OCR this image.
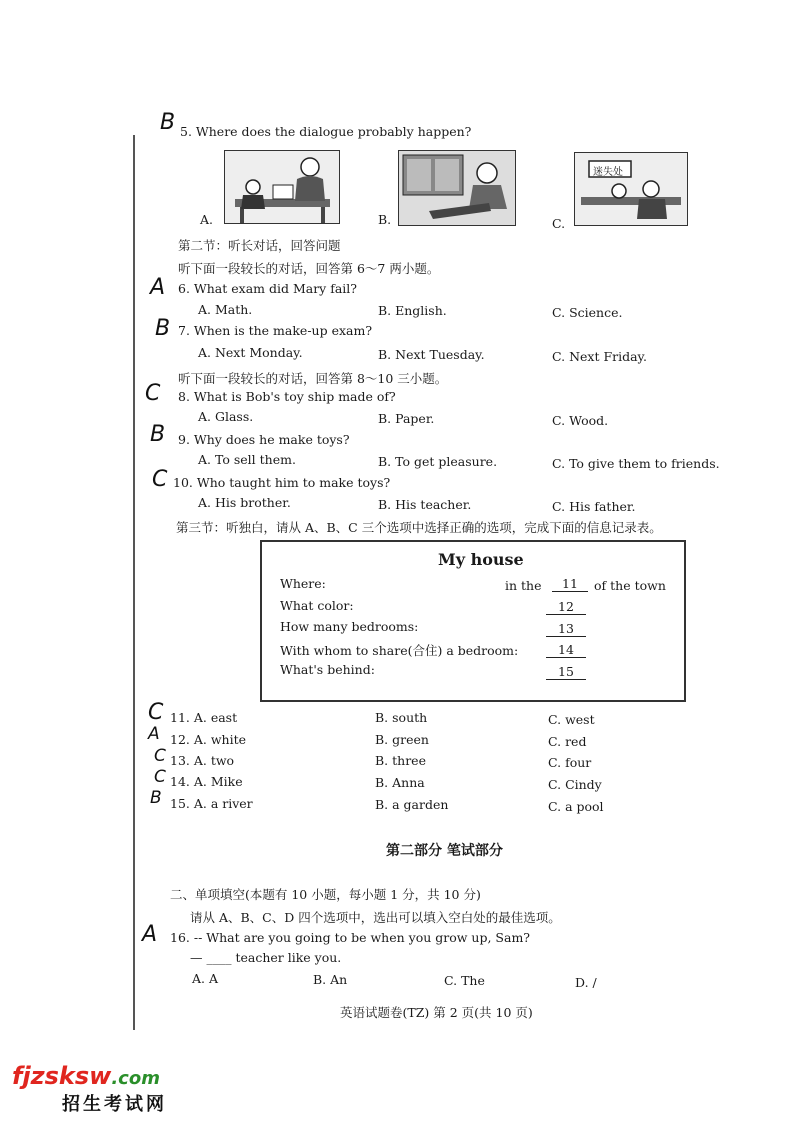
B 5. Where does the dialogue probably happen?
A.	B.	C.
迷失处
第二节：听长对话，回答问题
听下面一段较长的对话，回答第 6～7 两小题。
A 6. What exam did Mary fail?
A. Math.	B. English.	C. Science.
B 7. When is the make-up exam?
A. Next Monday.	B. Next Tuesday.	C. Next Friday.
听下面一段较长的对话，回答第 8～10 三小题。
C 8. What is Bob's toy ship made of?
A. Glass.	B. Paper.	C. Wood.
B 9. Why does he make toys?
A. To sell them.	B. To get pleasure.	C. To give them to friends.
C 10. Who taught him to make toys?
A. His brother.	B. His teacher.	C. His father.
第三节：听独白，请从 A、B、C 三个选项中选择正确的选项，完成下面的信息记录表。
My house
Where:	in the	11	of the town
What color:	12
How many bedrooms:	13
With whom to share(合住) a bedroom:	14
What's behind:	15
C 11. A. east	B. south	C. west
A 12. A. white	B. green	C. red
C 13. A. two	B. three	C. four
C 14. A. Mike	B. Anna	C. Cindy
B 15. A. a river	B. a garden	C. a pool
第二部分 笔试部分
二、单项填空(本题有 10 小题，每小题 1 分，共 10 分)
请从 A、B、C、D 四个选项中，选出可以填入空白处的最佳选项。
A 16. -- What are you going to be when you grow up, Sam?
— ____ teacher like you.
A. A	B. An	C. The	D. /
英语试题卷(TZ) 第 2 页(共 10 页)
fjzsksw.com
招生考试网
